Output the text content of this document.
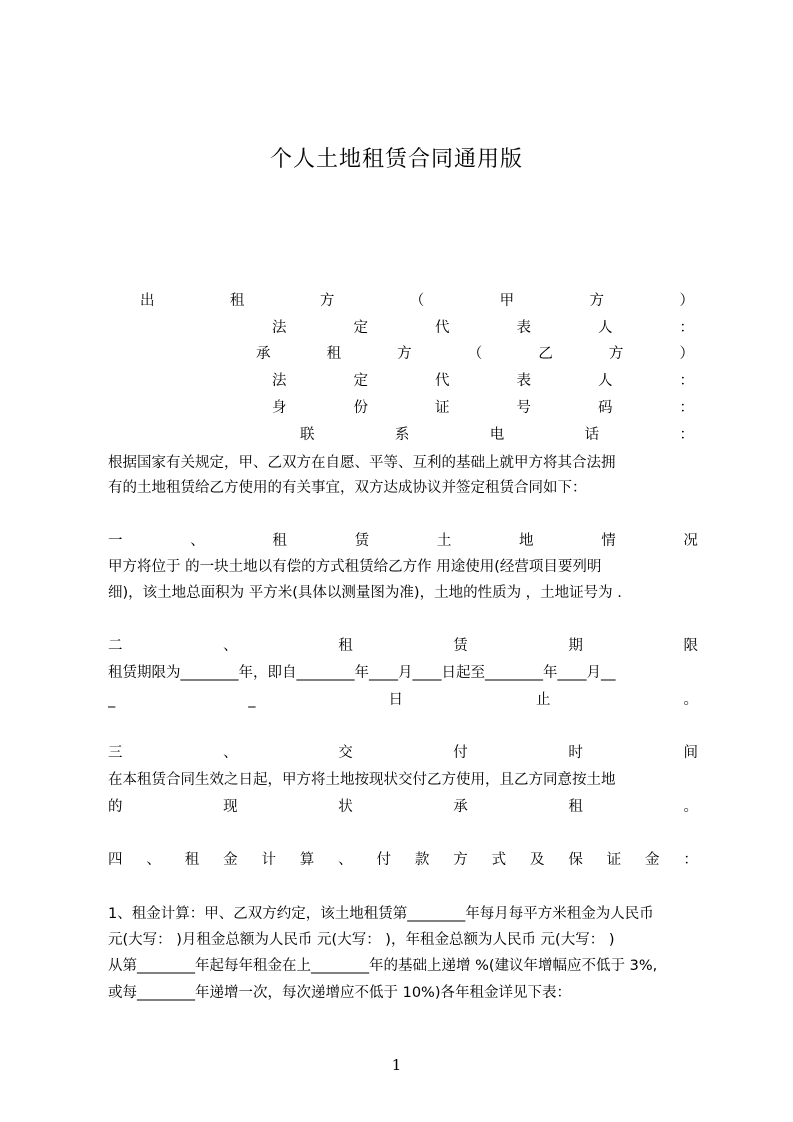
个人土地租赁合同通用版
出	租	方	（	甲	方	）
法	定	代	表	人	：
承	租	方	（	乙	方	）
法	定	代	表	人	：
身	份	证	号	码	：
联	系	电	话	：
根据国家有关规定，甲、乙双方在自愿、平等、互利的基础上就甲方将其合法拥
有的土地租赁给乙方使用的有关事宜，双方达成协议并签定租赁合同如下：
一	、	租	赁	土	地	情	况
甲方将位于 的一块土地以有偿的方式租赁给乙方作 用途使用(经营项目要列明
细)，该土地总面积为 平方米(具体以测量图为准)，土地的性质为 ，土地证号为 .
二	、	租	赁	期	限
租赁期限为________年，即自________年____月____日起至________年____月__
_	_	日	止	。
三	、	交	付	时	间
在本租赁合同生效之日起，甲方将土地按现状交付乙方使用，且乙方同意按土地
的	现	状	承	租	。
四 、 租 金 计 算 、 付 款 方 式 及 保 证 金 ：
1、租金计算：甲、乙双方约定，该土地租赁第________年每月每平方米租金为人民币
元(大写： )月租金总额为人民币 元(大写： )，年租金总额为人民币 元(大写： )
从第________年起每年租金在上________年的基础上递增 %(建议年增幅应不低于 3%,
或每________年递增一次，每次递增应不低于 10%)各年租金详见下表：
1
